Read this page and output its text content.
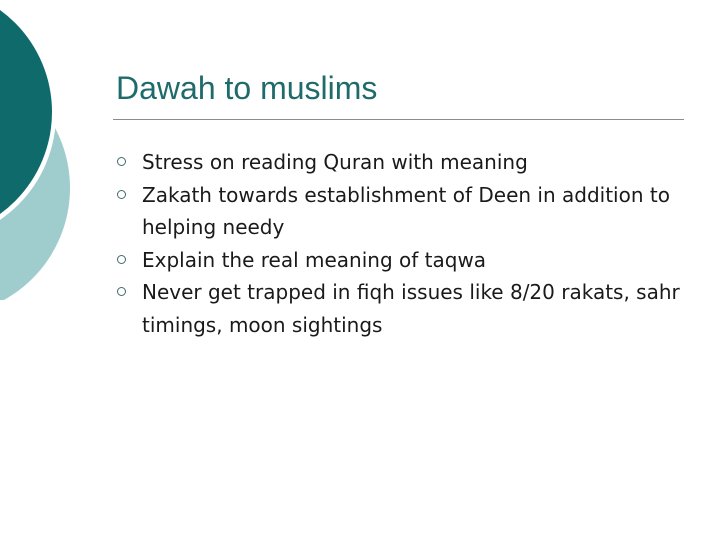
Dawah to muslims
Stress on reading Quran with meaning
Zakath towards establishment of Deen in addition to helping needy
Explain the real meaning of taqwa
Never get trapped in fiqh issues like 8/20 rakats, sahr timings, moon sightings
